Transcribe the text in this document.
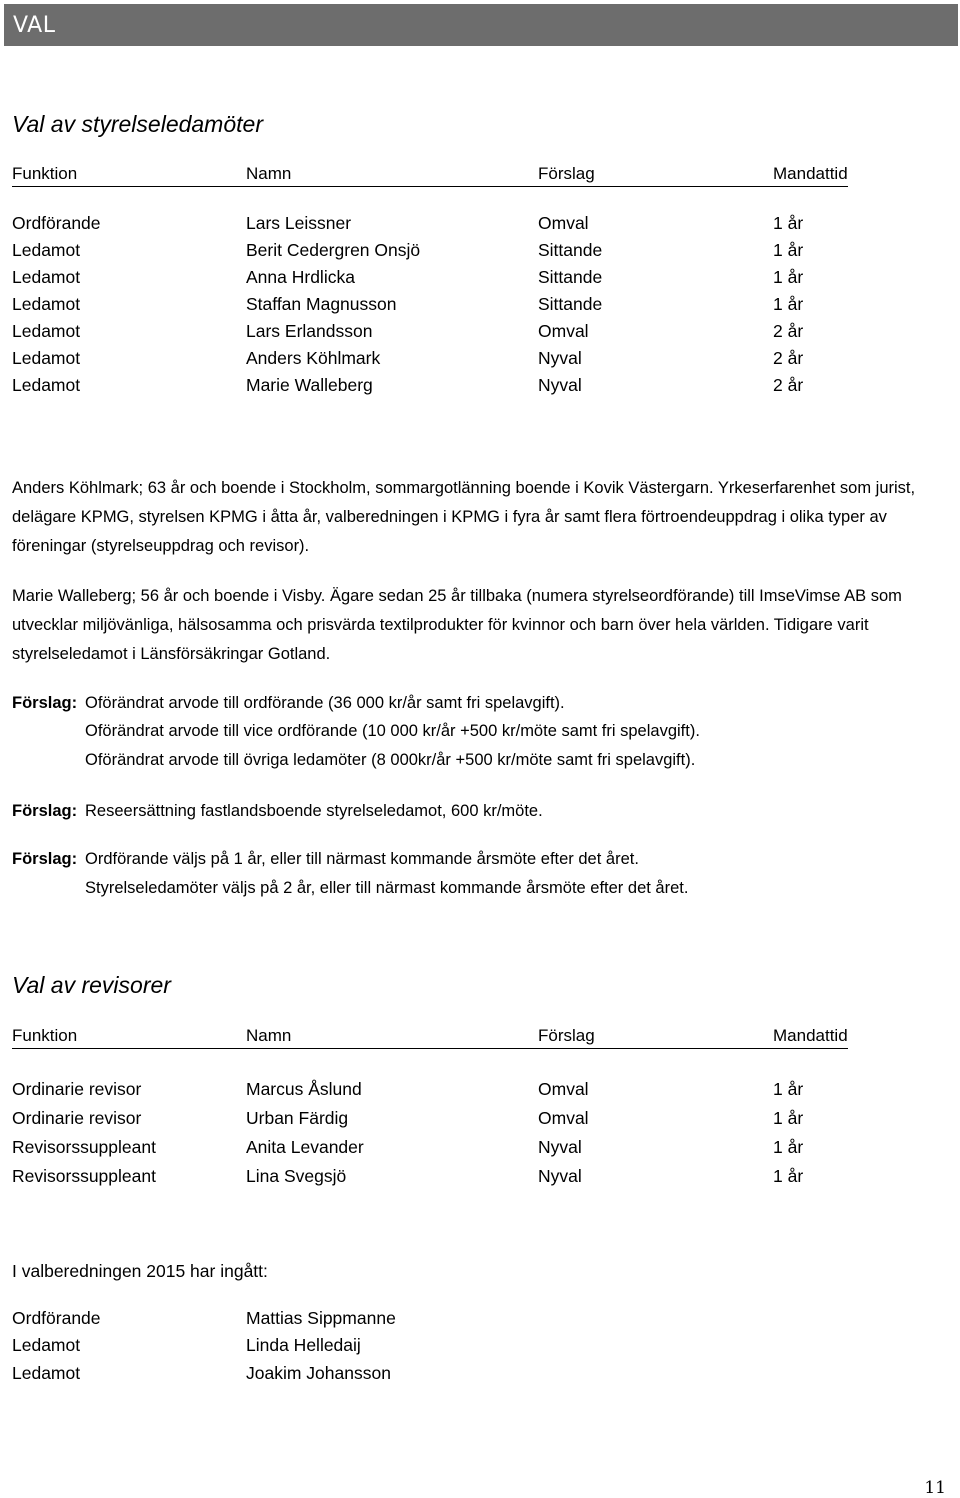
VAL
Val av styrelseledamöter
Funktion	Namn	Förslag	Mandattid
Ordförande	Lars Leissner	Omval	1 år
Ledamot	Berit Cedergren Onsjö	Sittande	1 år
Ledamot	Anna Hrdlicka	Sittande	1 år
Ledamot	Staffan Magnusson	Sittande	1 år
Ledamot	Lars Erlandsson	Omval	2 år
Ledamot	Anders Köhlmark	Nyval	2 år
Ledamot	Marie Walleberg	Nyval	2 år
Anders Köhlmark; 63 år och boende i Stockholm, sommargotlänning boende i Kovik Västergarn. Yrkeserfarenhet som jurist, delägare KPMG, styrelsen KPMG i åtta år, valberedningen i KPMG i fyra år samt flera förtroendeuppdrag i olika typer av föreningar (styrelseuppdrag och revisor).
Marie Walleberg; 56 år och boende i Visby. Ägare sedan 25 år tillbaka (numera styrelseordförande) till ImseVimse AB som utvecklar miljövänliga, hälsosamma och prisvärda textilprodukter för kvinnor och barn över hela världen. Tidigare varit styrelseledamot i Länsförsäkringar Gotland.
Förslag: Oförändrat arvode till ordförande (36 000 kr/år samt fri spelavgift).
Oförändrat arvode till vice ordförande (10 000 kr/år +500 kr/möte samt fri spelavgift).
Oförändrat arvode till övriga ledamöter (8 000kr/år +500 kr/möte samt fri spelavgift).
Förslag: Reseersättning fastlandsboende styrelseledamot, 600 kr/möte.
Förslag: Ordförande väljs på 1 år, eller till närmast kommande årsmöte efter det året.
Styrelseledamöter väljs på 2 år, eller till närmast kommande årsmöte efter det året.
Val av revisorer
Funktion	Namn	Förslag	Mandattid
Ordinarie revisor	Marcus Åslund	Omval	1 år
Ordinarie revisor	Urban Färdig	Omval	1 år
Revisorssuppleant	Anita Levander	Nyval	1 år
Revisorssuppleant	Lina Svegsjö	Nyval	1 år
I valberedningen 2015 har ingått:
Ordförande	Mattias Sippmanne
Ledamot	Linda Helledaij
Ledamot	Joakim Johansson
11
